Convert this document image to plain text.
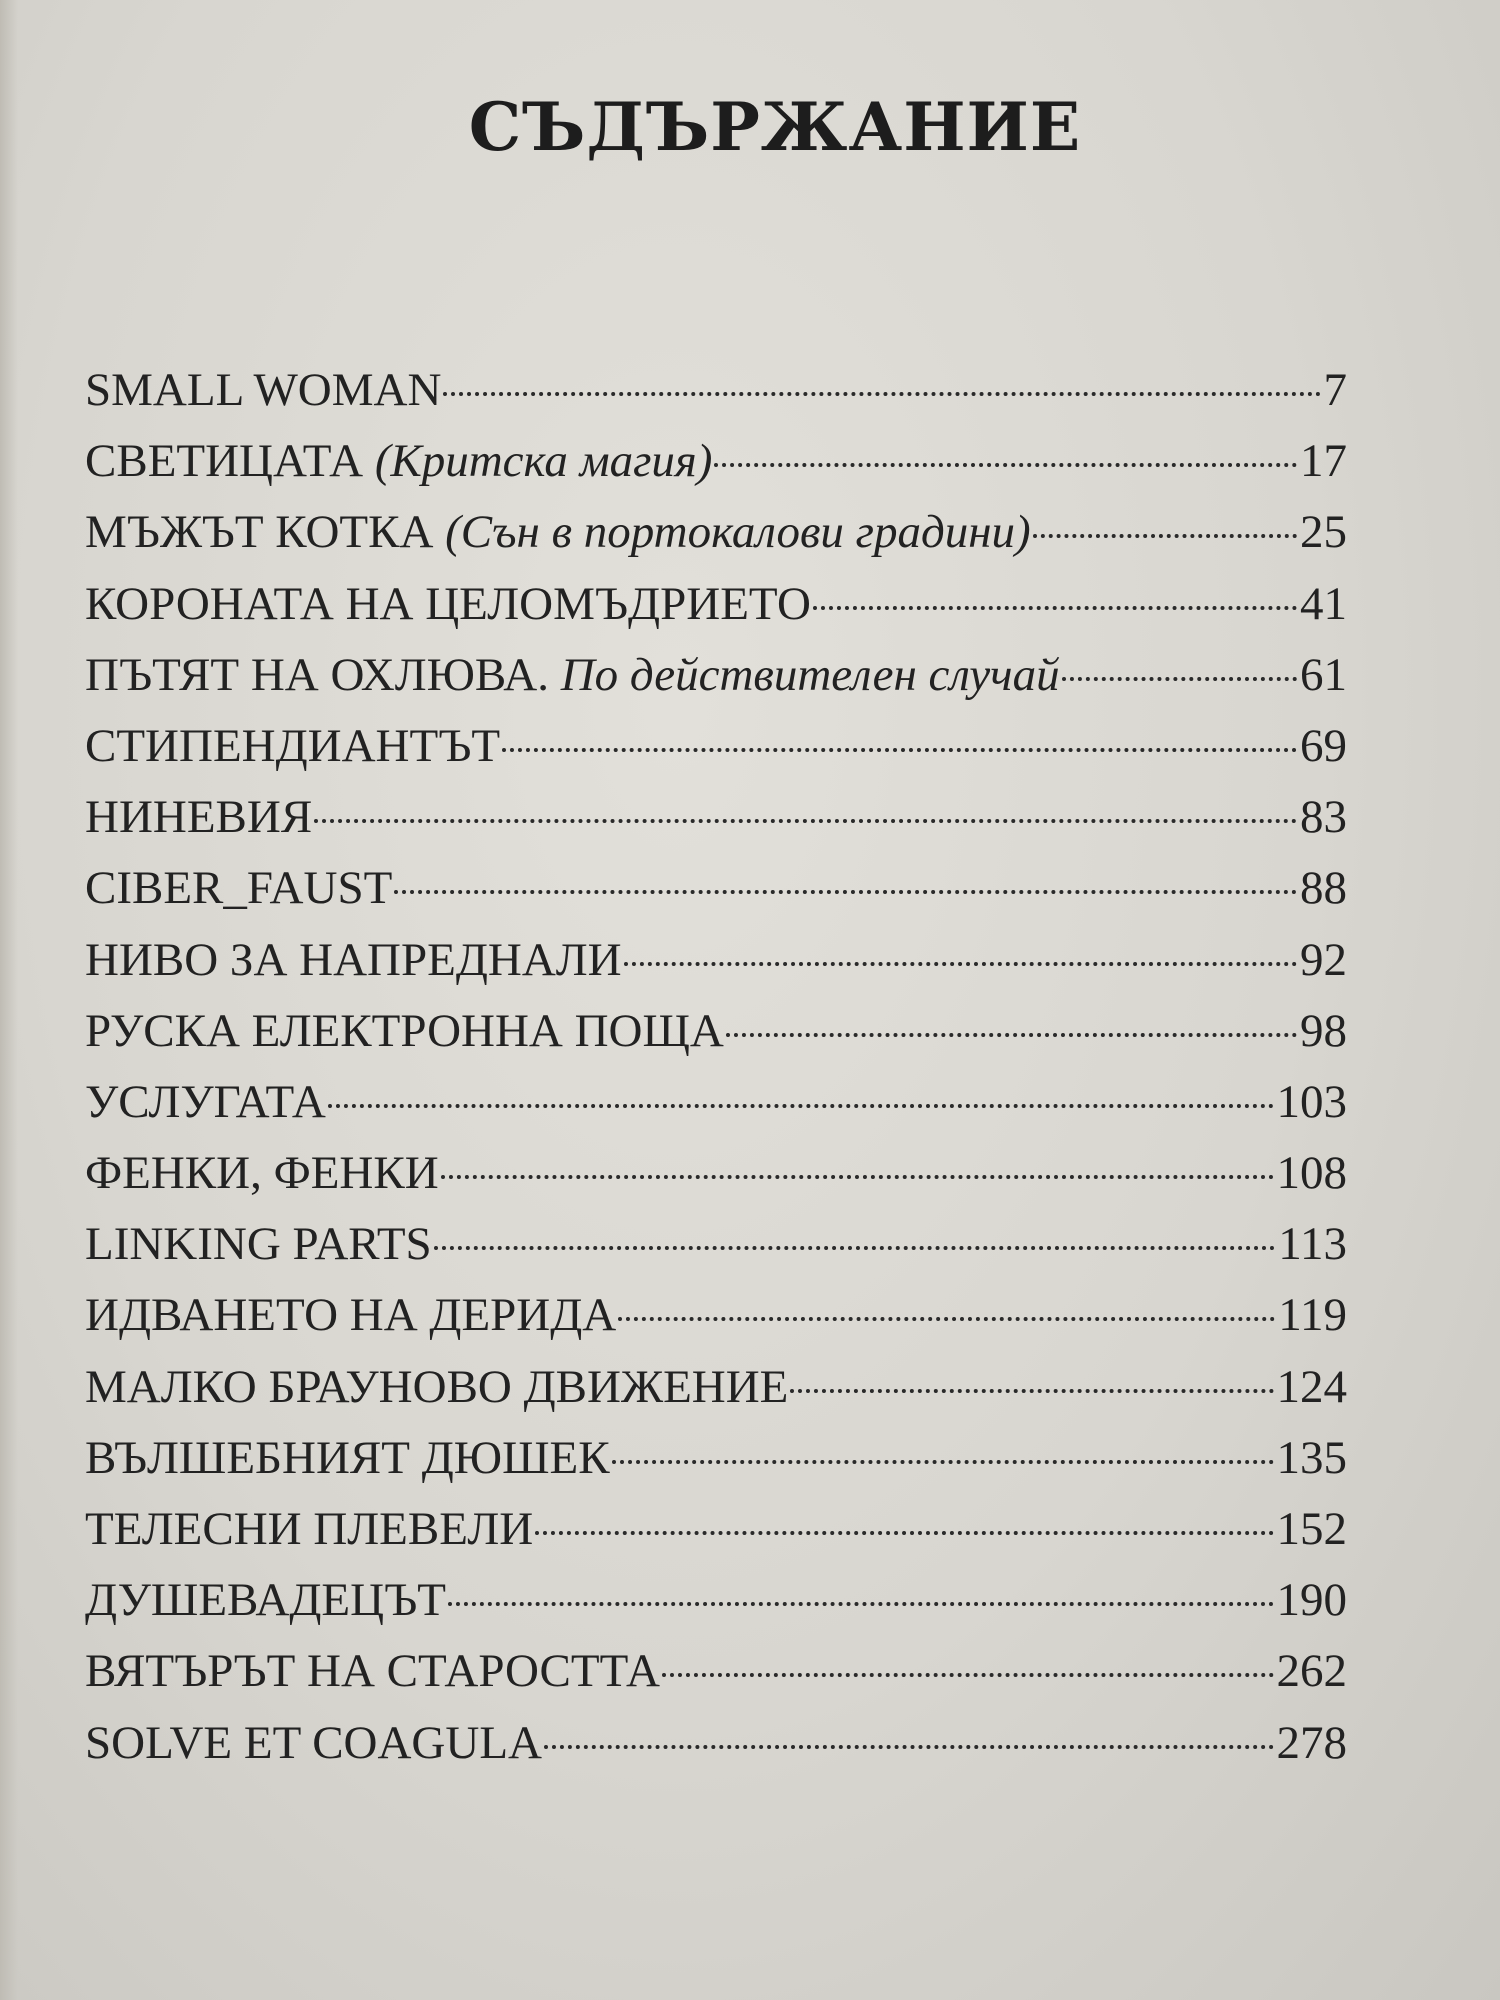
СЪДЪРЖАНИЕ
SMALL WOMAN	7
СВЕТИЦАТА (Критска магия)	17
МЪЖЪТ КОТКА (Сън в портокалови градини)	25
КОРОНАТА НА ЦЕЛОМЪДРИЕТО	41
ПЪТЯТ НА ОХЛЮВА. По действителен случай	61
СТИПЕНДИАНТЪТ	69
НИНЕВИЯ	83
CIBER_FAUST	88
НИВО ЗА НАПРЕДНАЛИ	92
РУСКА ЕЛЕКТРОННА ПОЩА	98
УСЛУГАТА	103
ФЕНКИ, ФЕНКИ	108
LINKING PARTS	113
ИДВАНЕТО НА ДЕРИДА	119
МАЛКО БРАУНОВО ДВИЖЕНИЕ	124
ВЪЛШЕБНИЯТ ДЮШЕК	135
ТЕЛЕСНИ ПЛЕВЕЛИ	152
ДУШЕВАДЕЦЪТ	190
ВЯТЪРЪТ НА СТАРОСТТА	262
SOLVE ET COAGULA	278
